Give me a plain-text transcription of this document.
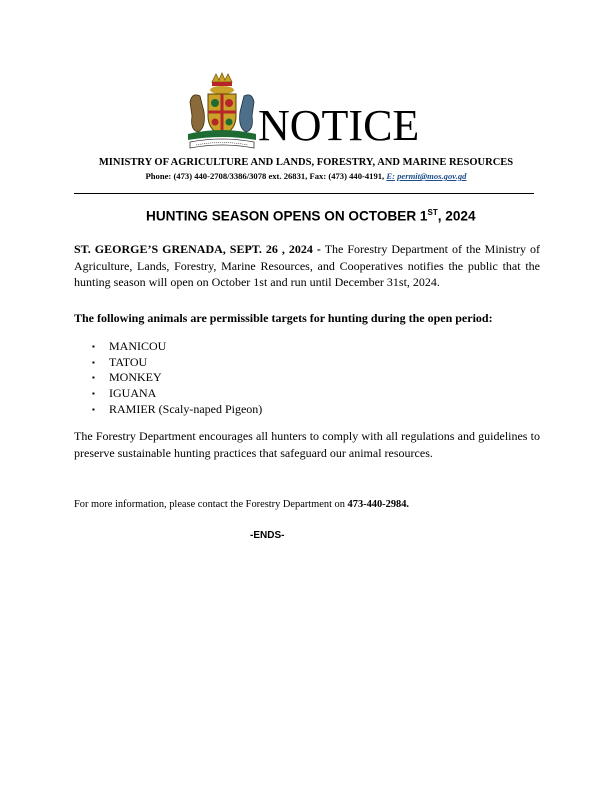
NOTICE

MINISTRY OF AGRICULTURE AND LANDS, FORESTRY, AND MARINE RESOURCES

Phone: (473) 440-2708/3386/3078 ext. 26831, Fax: (473) 440-4191, E: permit@mos.gov.gd

HUNTING SEASON OPENS ON OCTOBER 1ST, 2024

ST. GEORGE’S GRENADA, SEPT. 26 , 2024 - The Forestry Department of the Ministry of Agriculture, Lands, Forestry, Marine Resources, and Cooperatives notifies the public that the hunting season will open on October 1st and run until December 31st, 2024.

The following animals are permissible targets for hunting during the open period:

▪ MANICOU
▪ TATOU
▪ MONKEY
▪ IGUANA
▪ RAMIER (Scaly-naped Pigeon)

The Forestry Department encourages all hunters to comply with all regulations and guidelines to preserve sustainable hunting practices that safeguard our animal resources.

For more information, please contact the Forestry Department on 473-440-2984.

-ENDS-
